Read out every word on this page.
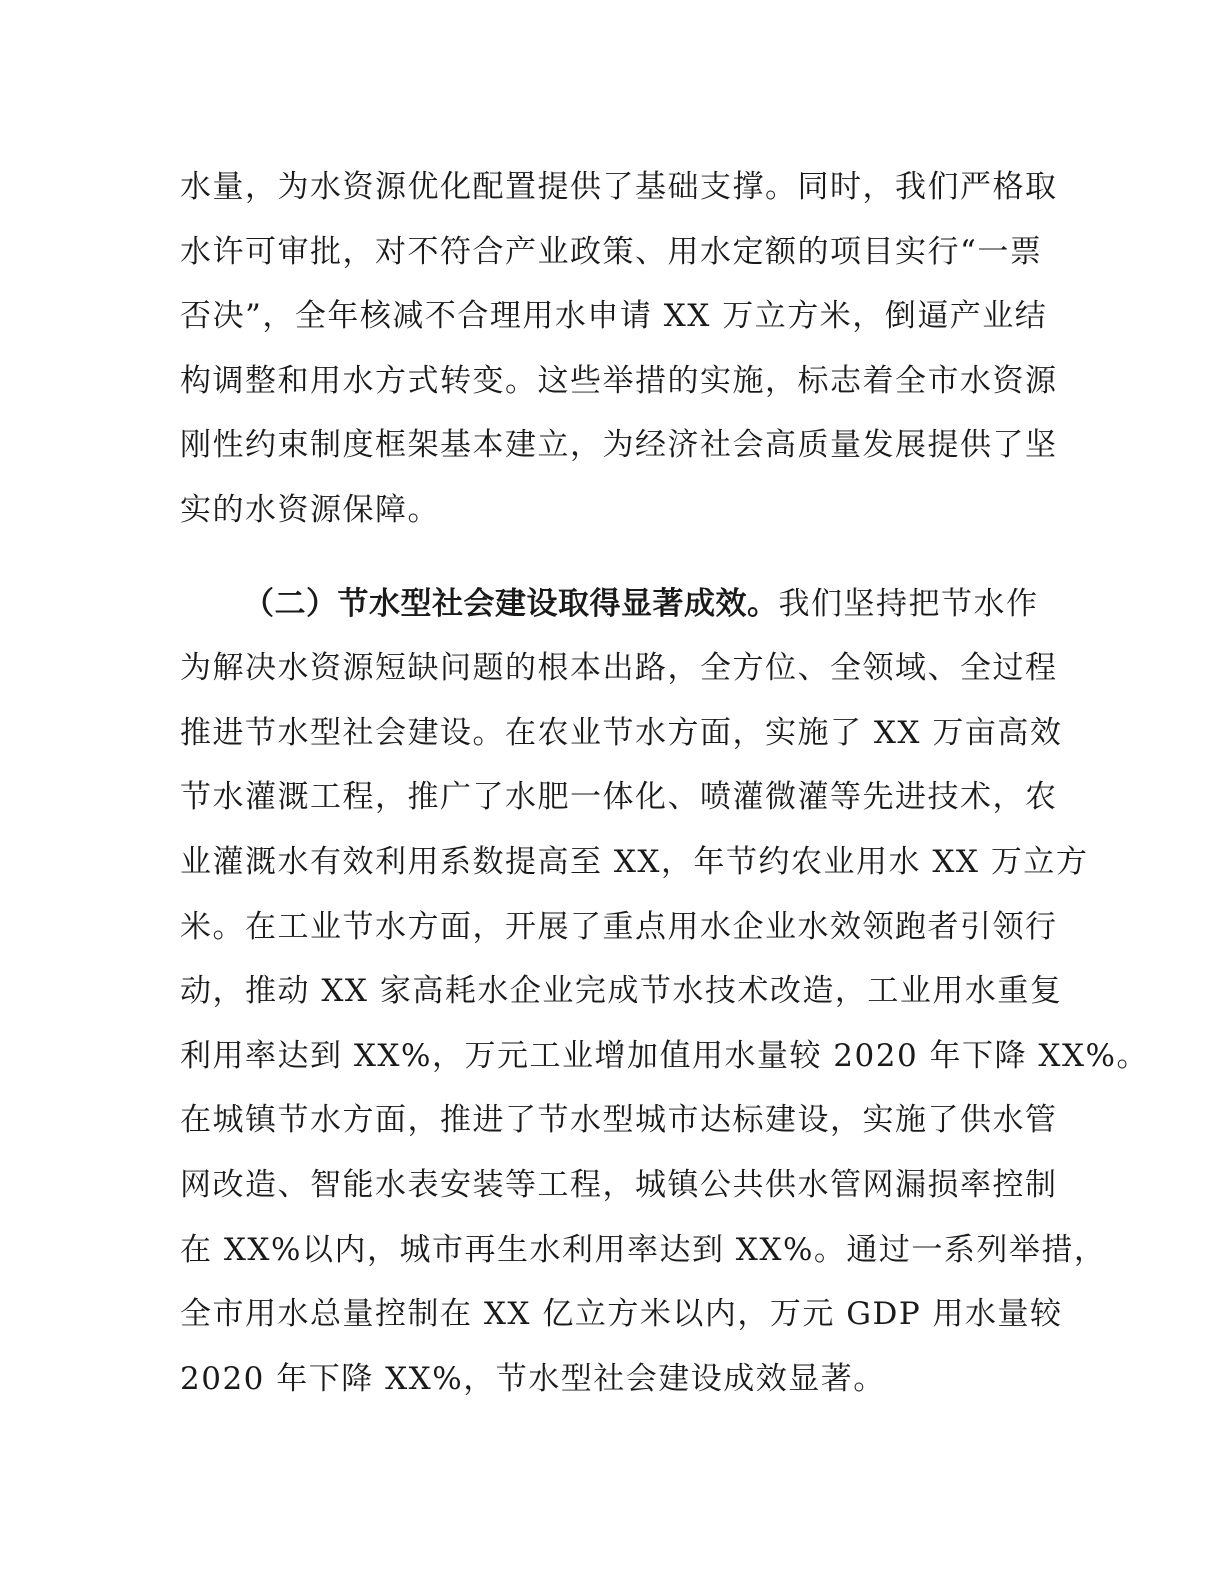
水量，为水资源优化配置提供了基础支撑。同时，我们严格取
水许可审批，对不符合产业政策、用水定额的项目实行“一票
否决”，全年核减不合理用水申请 XX 万立方米，倒逼产业结
构调整和用水方式转变。这些举措的实施，标志着全市水资源
刚性约束制度框架基本建立，为经济社会高质量发展提供了坚
实的水资源保障。
（二）节水型社会建设取得显著成效。我们坚持把节水作
为解决水资源短缺问题的根本出路，全方位、全领域、全过程
推进节水型社会建设。在农业节水方面，实施了 XX 万亩高效
节水灌溉工程，推广了水肥一体化、喷灌微灌等先进技术，农
业灌溉水有效利用系数提高至 XX，年节约农业用水 XX 万立方
米。在工业节水方面，开展了重点用水企业水效领跑者引领行
动，推动 XX 家高耗水企业完成节水技术改造，工业用水重复
利用率达到 XX%，万元工业增加值用水量较 2020 年下降 XX%。
在城镇节水方面，推进了节水型城市达标建设，实施了供水管
网改造、智能水表安装等工程，城镇公共供水管网漏损率控制
在 XX%以内，城市再生水利用率达到 XX%。通过一系列举措，
全市用水总量控制在 XX 亿立方米以内，万元 GDP 用水量较
2020 年下降 XX%，节水型社会建设成效显著。
